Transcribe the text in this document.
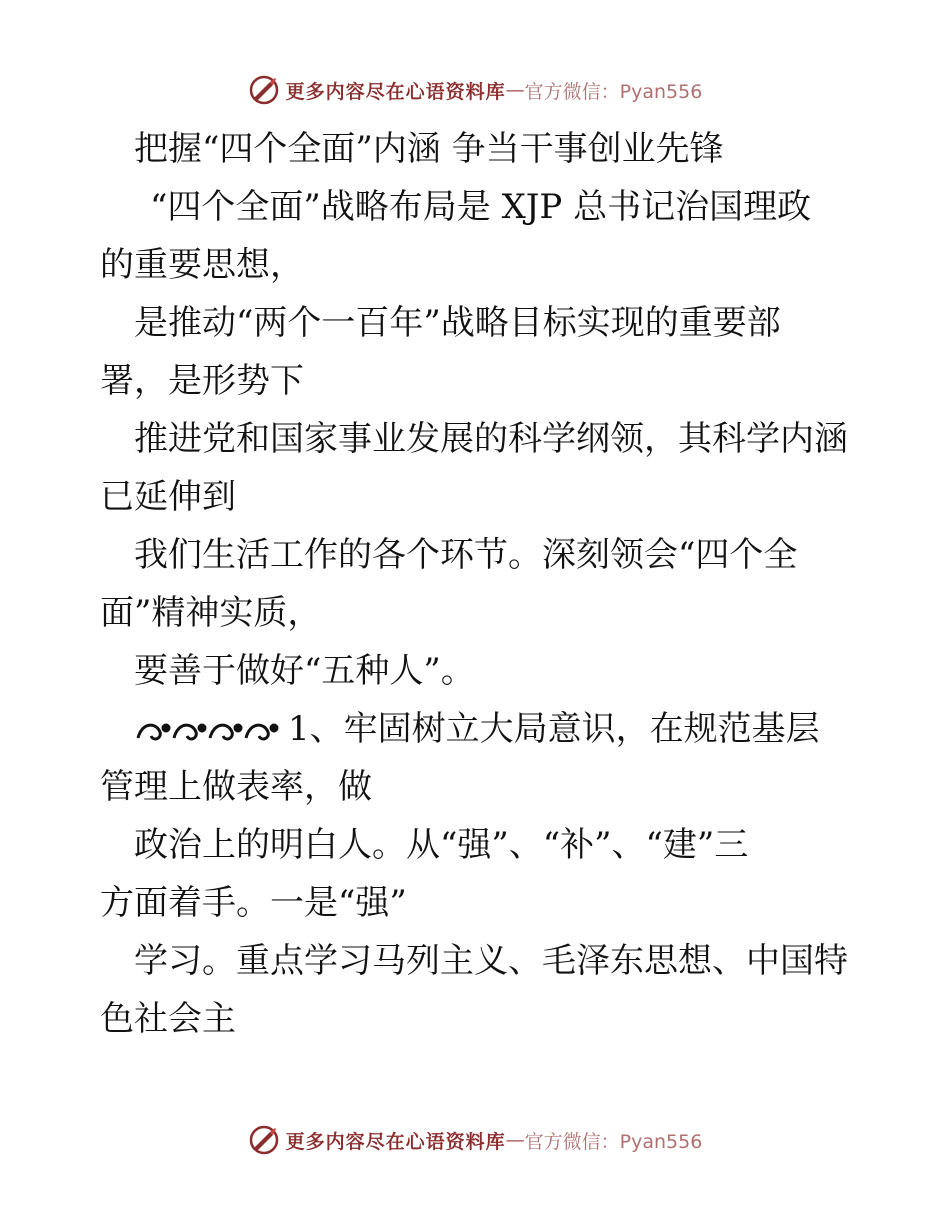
更多内容尽在心语资料库 — 官方微信：Pyan556
把握“四个全面”内涵 争当干事创业先锋
“四个全面”战略布局是 XJP 总书记治国理政
的重要思想，
是推动“两个一百年”战略目标实现的重要部
署，是形势下
推进党和国家事业发展的科学纲领，其科学内涵
已延伸到
我们生活工作的各个环节。深刻领会“四个全
面”精神实质，
要善于做好“五种人”。
1、牢固树立大局意识，在规范基层
管理上做表率，做
政治上的明白人。从“强”、“补”、“建”三
方面着手。一是“强”
学习。重点学习马列主义、毛泽东思想、中国特
色社会主
更多内容尽在心语资料库 — 官方微信：Pyan556
